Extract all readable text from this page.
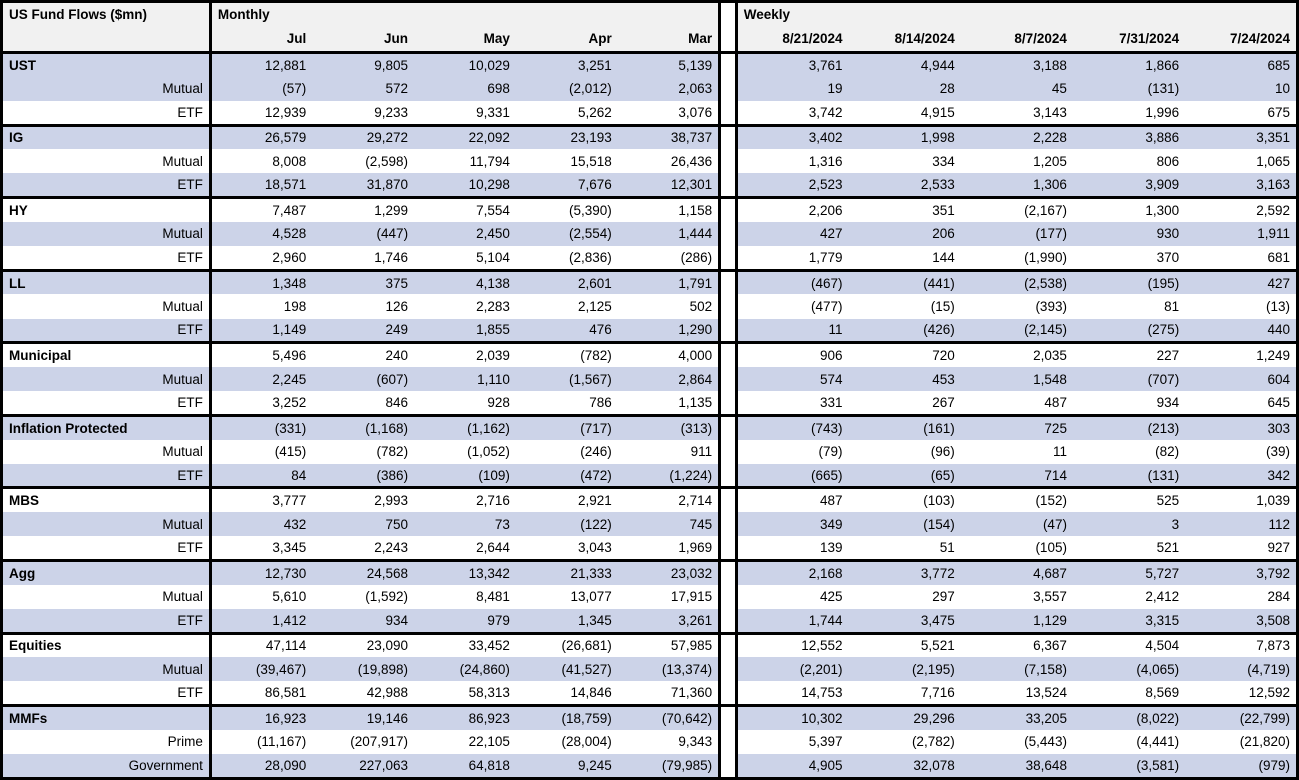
US Fund Flows ($mn)	Monthly						Weekly				
	Jul	Jun	May	Apr	Mar		8/21/2024	8/14/2024	8/7/2024	7/31/2024	7/24/2024
UST	12,881	9,805	10,029	3,251	5,139		3,761	4,944	3,188	1,866	685
Mutual	(57)	572	698	(2,012)	2,063		19	28	45	(131)	10
ETF	12,939	9,233	9,331	5,262	3,076		3,742	4,915	3,143	1,996	675
IG	26,579	29,272	22,092	23,193	38,737		3,402	1,998	2,228	3,886	3,351
Mutual	8,008	(2,598)	11,794	15,518	26,436		1,316	334	1,205	806	1,065
ETF	18,571	31,870	10,298	7,676	12,301		2,523	2,533	1,306	3,909	3,163
HY	7,487	1,299	7,554	(5,390)	1,158		2,206	351	(2,167)	1,300	2,592
Mutual	4,528	(447)	2,450	(2,554)	1,444		427	206	(177)	930	1,911
ETF	2,960	1,746	5,104	(2,836)	(286)		1,779	144	(1,990)	370	681
LL	1,348	375	4,138	2,601	1,791		(467)	(441)	(2,538)	(195)	427
Mutual	198	126	2,283	2,125	502		(477)	(15)	(393)	81	(13)
ETF	1,149	249	1,855	476	1,290		11	(426)	(2,145)	(275)	440
Municipal	5,496	240	2,039	(782)	4,000		906	720	2,035	227	1,249
Mutual	2,245	(607)	1,110	(1,567)	2,864		574	453	1,548	(707)	604
ETF	3,252	846	928	786	1,135		331	267	487	934	645
Inflation Protected	(331)	(1,168)	(1,162)	(717)	(313)		(743)	(161)	725	(213)	303
Mutual	(415)	(782)	(1,052)	(246)	911		(79)	(96)	11	(82)	(39)
ETF	84	(386)	(109)	(472)	(1,224)		(665)	(65)	714	(131)	342
MBS	3,777	2,993	2,716	2,921	2,714		487	(103)	(152)	525	1,039
Mutual	432	750	73	(122)	745		349	(154)	(47)	3	112
ETF	3,345	2,243	2,644	3,043	1,969		139	51	(105)	521	927
Agg	12,730	24,568	13,342	21,333	23,032		2,168	3,772	4,687	5,727	3,792
Mutual	5,610	(1,592)	8,481	13,077	17,915		425	297	3,557	2,412	284
ETF	1,412	934	979	1,345	3,261		1,744	3,475	1,129	3,315	3,508
Equities	47,114	23,090	33,452	(26,681)	57,985		12,552	5,521	6,367	4,504	7,873
Mutual	(39,467)	(19,898)	(24,860)	(41,527)	(13,374)		(2,201)	(2,195)	(7,158)	(4,065)	(4,719)
ETF	86,581	42,988	58,313	14,846	71,360		14,753	7,716	13,524	8,569	12,592
MMFs	16,923	19,146	86,923	(18,759)	(70,642)		10,302	29,296	33,205	(8,022)	(22,799)
Prime	(11,167)	(207,917)	22,105	(28,004)	9,343		5,397	(2,782)	(5,443)	(4,441)	(21,820)
Government	28,090	227,063	64,818	9,245	(79,985)		4,905	32,078	38,648	(3,581)	(979)
